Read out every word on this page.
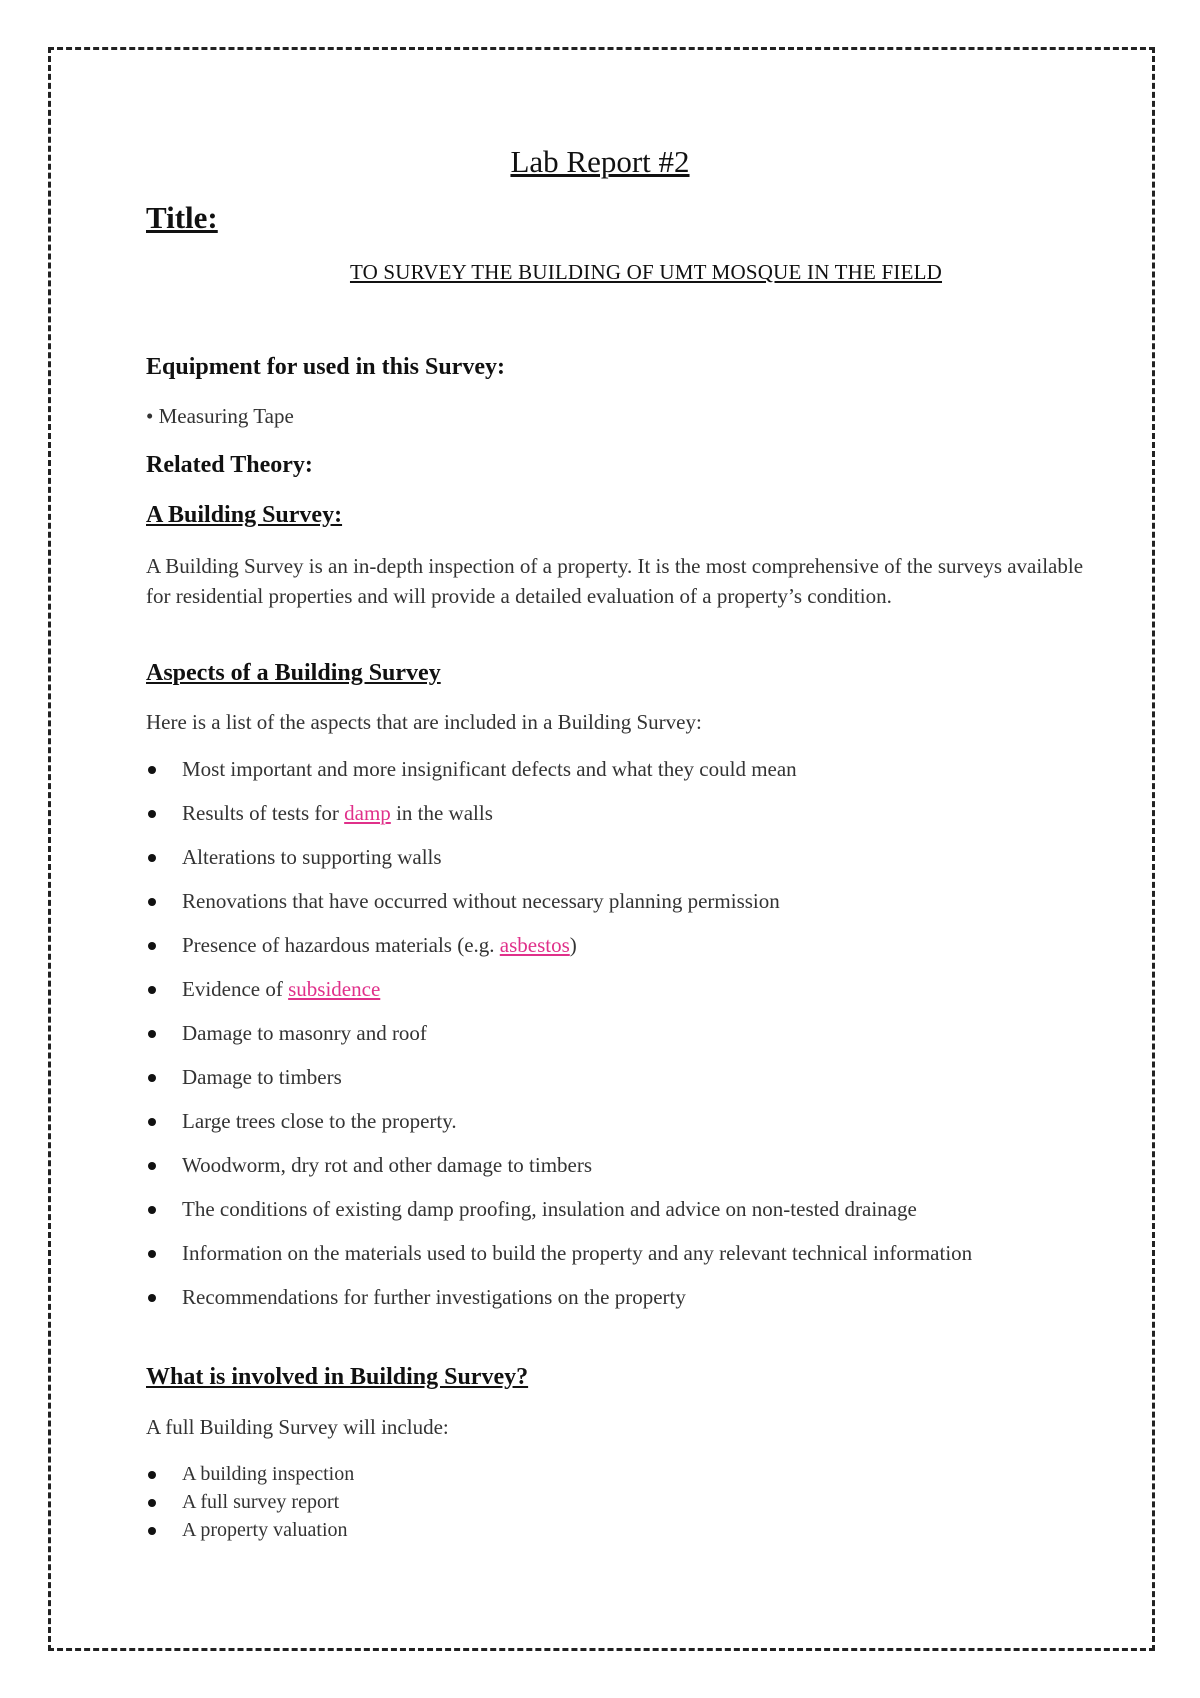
Lab Report #2
Title:

TO SURVEY THE BUILDING OF UMT MOSQUE IN THE FIELD

Equipment for used in this Survey:

• Measuring Tape

Related Theory:
A Building Survey:

A Building Survey is an in-depth inspection of a property. It is the most comprehensive of the surveys available for residential properties and will provide a detailed evaluation of a property’s condition.

Aspects of a Building Survey

Here is a list of the aspects that are included in a Building Survey:

Most important and more insignificant defects and what they could mean
Results of tests for damp in the walls
Alterations to supporting walls
Renovations that have occurred without necessary planning permission
Presence of hazardous materials (e.g. asbestos)
Evidence of subsidence
Damage to masonry and roof
Damage to timbers
Large trees close to the property.
Woodworm, dry rot and other damage to timbers
The conditions of existing damp proofing, insulation and advice on non-tested drainage
Information on the materials used to build the property and any relevant technical information
Recommendations for further investigations on the property
What is involved in Building Survey?

A full Building Survey will include:

A building inspection
A full survey report
A property valuation
